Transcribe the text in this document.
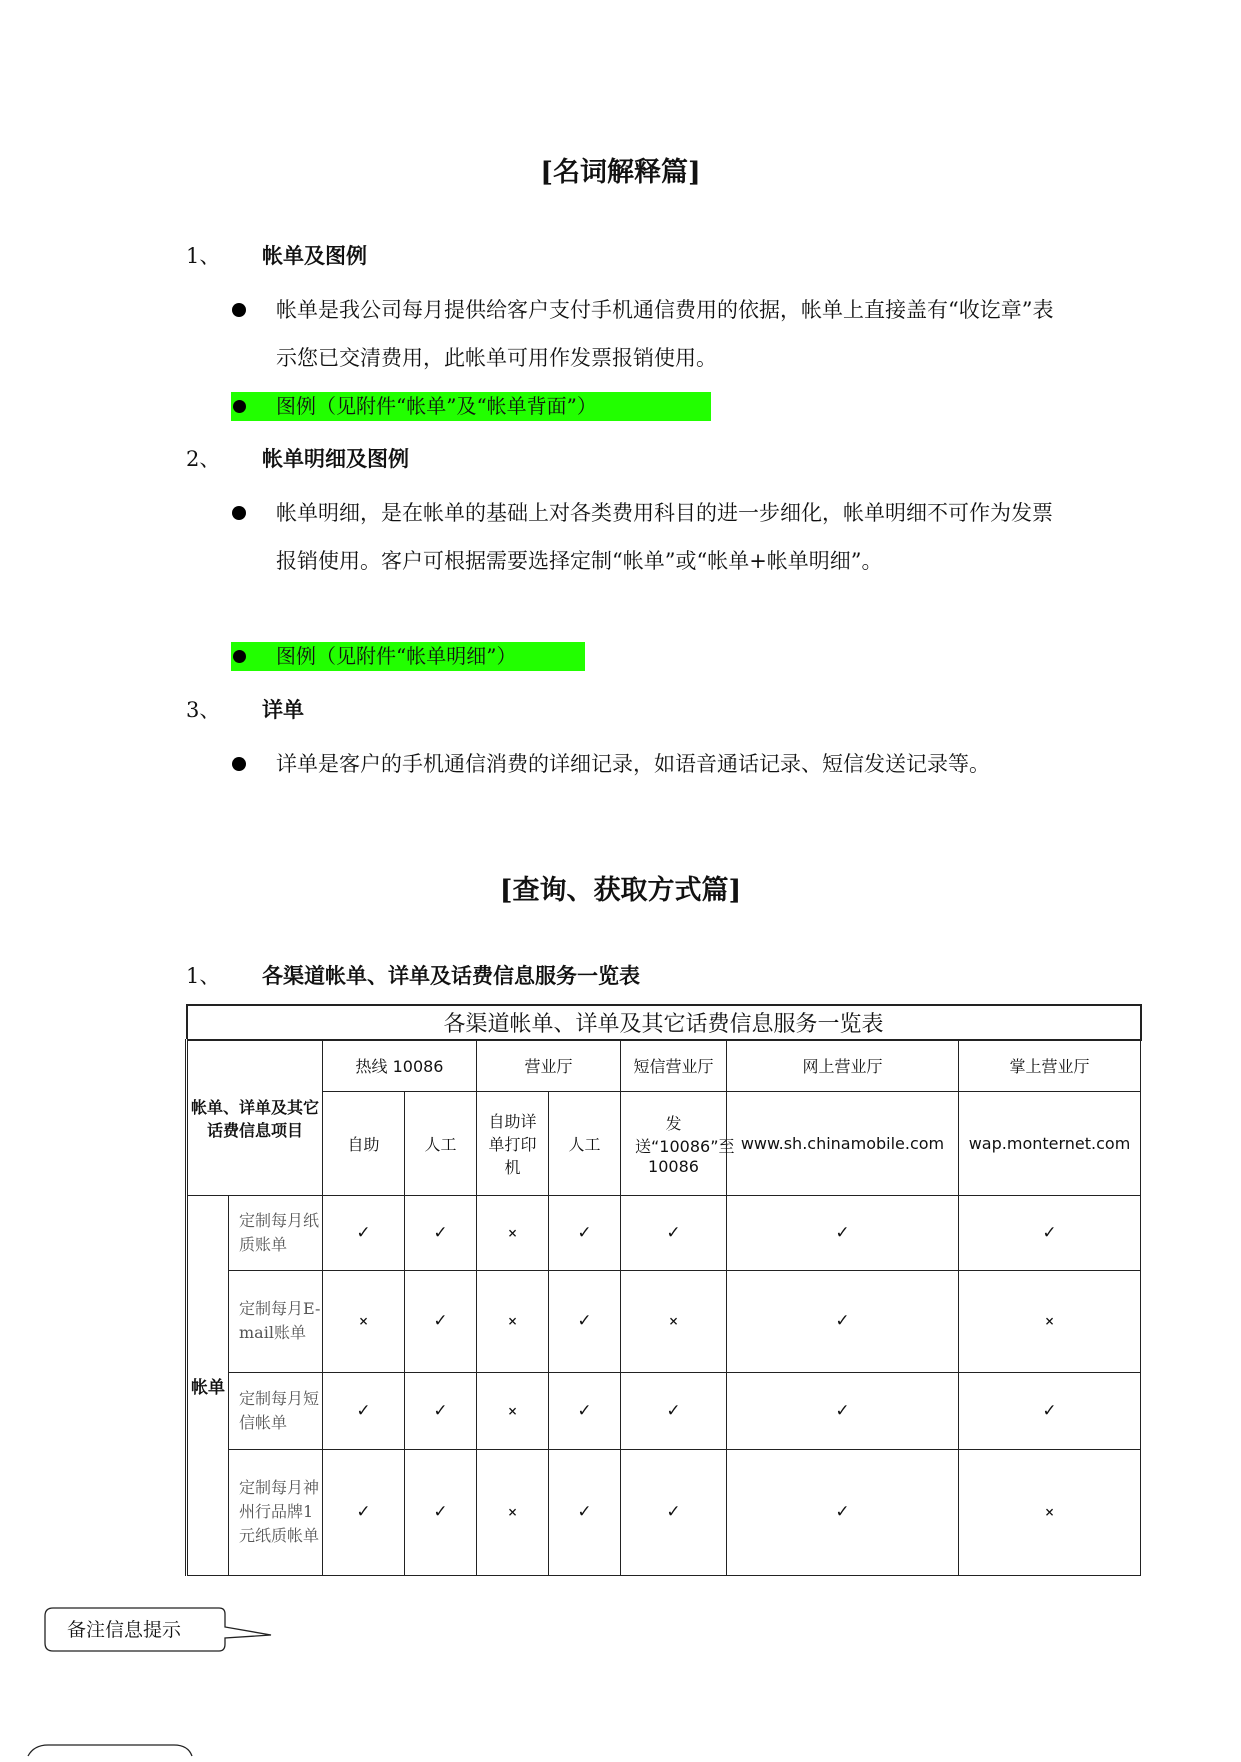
[名词解释篇]
1、 帐单及图例
帐单是我公司每月提供给客户支付手机通信费用的依据，帐单上直接盖有“收讫章”表示您已交清费用，此帐单可用作发票报销使用。
图例（见附件“帐单”及“帐单背面”）
2、 帐单明细及图例
帐单明细，是在帐单的基础上对各类费用科目的进一步细化，帐单明细不可作为发票报销使用。客户可根据需要选择定制“帐单”或“帐单+帐单明细”。
图例（见附件“帐单明细”）
3、 详单
详单是客户的手机通信消费的详细记录，如语音通话记录、短信发送记录等。
[查询、获取方式篇]
1、 各渠道帐单、详单及话费信息服务一览表
各渠道帐单、详单及其它话费信息服务一览表								
帐单、详单及其它话费信息项目		热线 10086		营业厅		短信营业厅	网上营业厅	掌上营业厅
		自助	人工	自助详单打印机	人工	发送“10086”至10086	www.sh.chinamobile.com	wap.monternet.com
帐单	定制每月纸质账单	✓	✓	×	✓	✓	✓	✓
	定制每月E-mail账单	×	✓	×	✓	×	✓	×
	定制每月短信帐单	✓	✓	×	✓	✓	✓	✓
	定制每月神州行品牌1元纸质帐单	✓	✓	×	✓	✓	✓	×
备注信息提示
